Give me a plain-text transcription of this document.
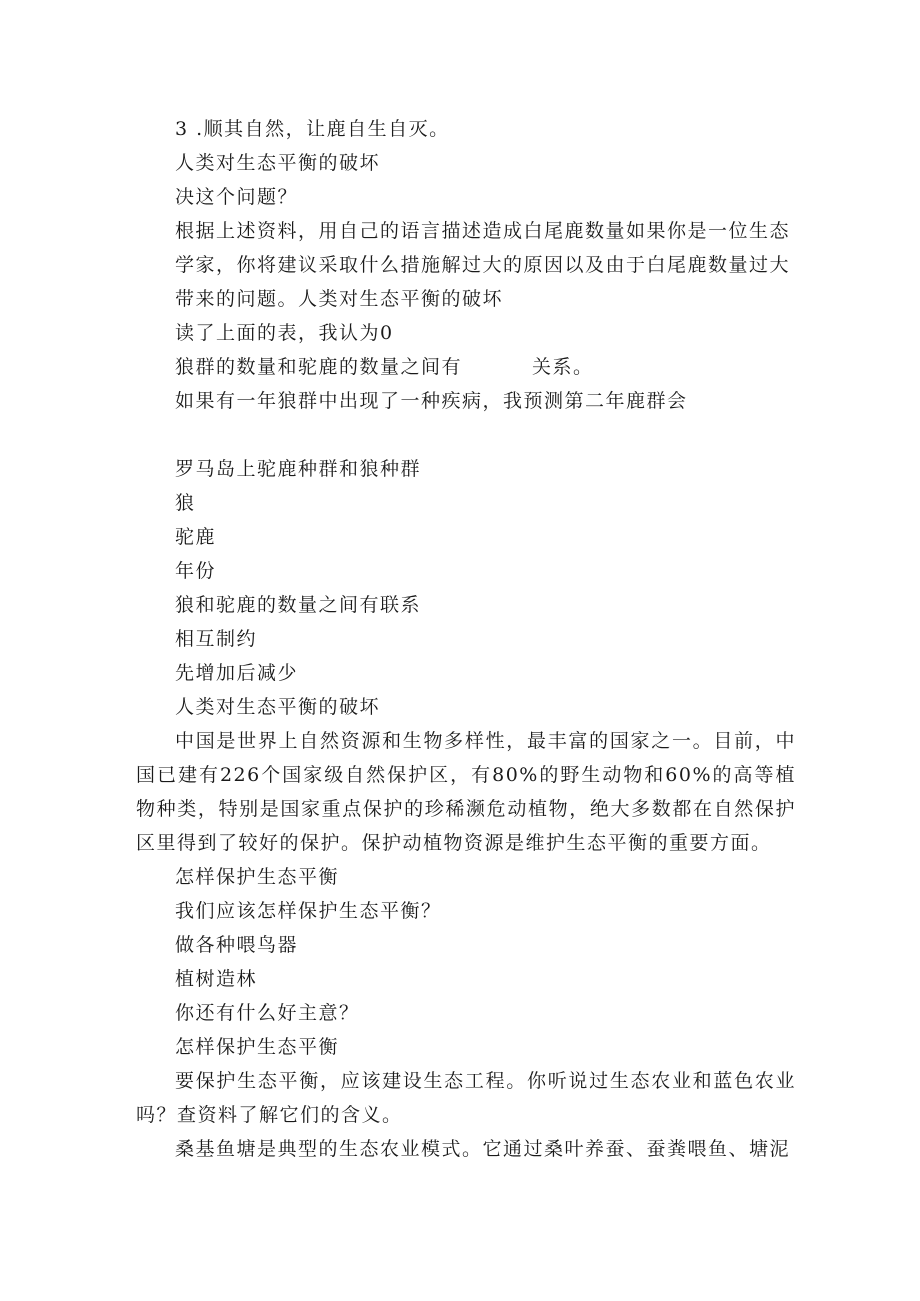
3 .顺其自然，让鹿自生自灭。
人类对生态平衡的破坏
决这个问题？
根据上述资料，用自己的语言描述造成白尾鹿数量如果你是一位生态
学家，你将建议采取什么措施解过大的原因以及由于白尾鹿数量过大
带来的问题。人类对生态平衡的破坏
读了上面的表，我认为0
狼群的数量和驼鹿的数量之间有	关系。
如果有一年狼群中出现了一种疾病，我预测第二年鹿群会
罗马岛上驼鹿种群和狼种群
狼
驼鹿
年份
狼和驼鹿的数量之间有联系
相互制约
先增加后减少
人类对生态平衡的破坏
中国是世界上自然资源和生物多样性，最丰富的国家之一。目前，中国已建有226个国家级自然保护区，有80%的野生动物和60%的高等植物种类，特别是国家重点保护的珍稀濒危动植物，绝大多数都在自然保护区里得到了较好的保护。保护动植物资源是维护生态平衡的重要方面。
怎样保护生态平衡
我们应该怎样保护生态平衡？
做各种喂鸟器
植树造林
你还有什么好主意？
怎样保护生态平衡
要保护生态平衡，应该建设生态工程。你听说过生态农业和蓝色农业吗？查资料了解它们的含义。
桑基鱼塘是典型的生态农业模式。它通过桑叶养蚕、蚕粪喂鱼、塘泥
